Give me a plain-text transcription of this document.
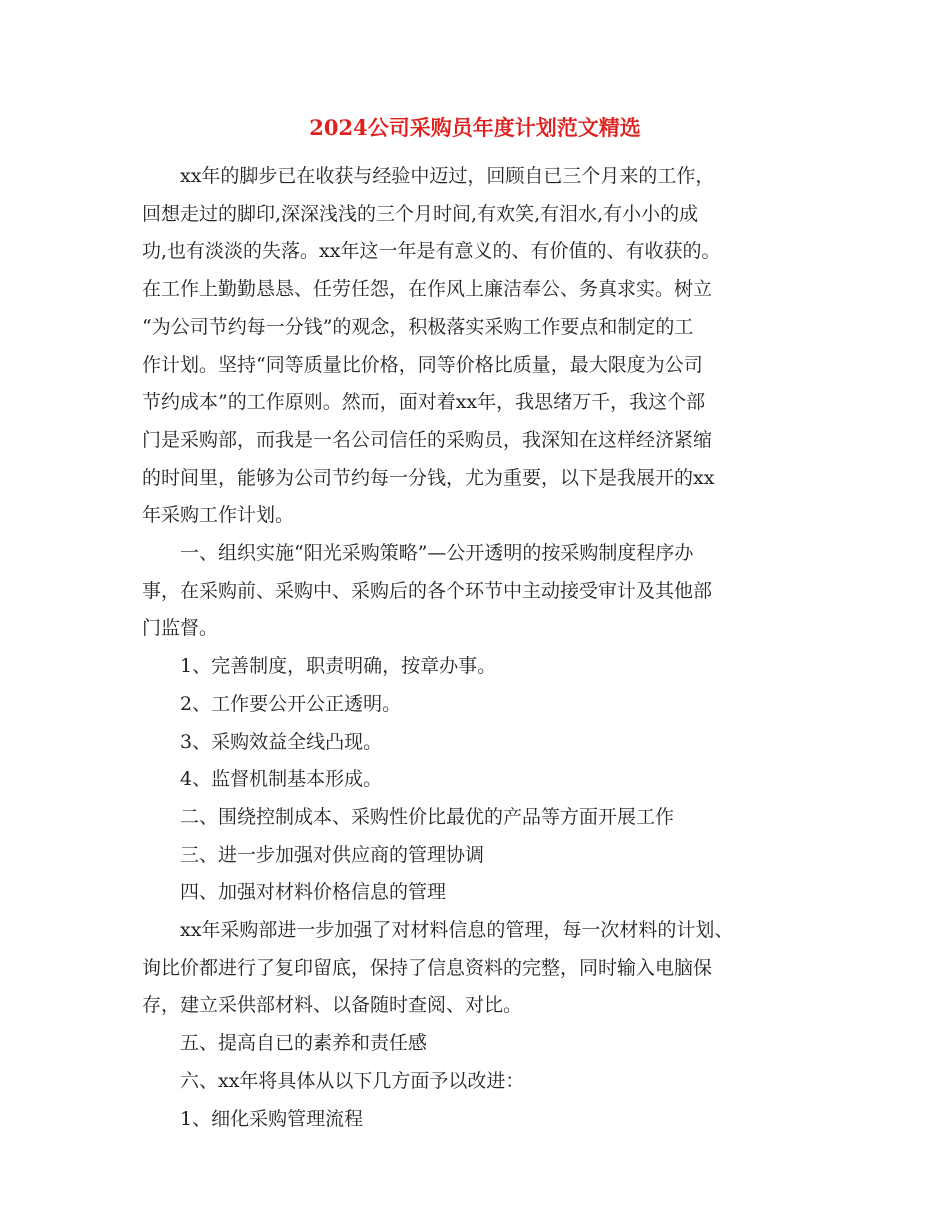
2024公司采购员年度计划范文精选

xx年的脚步已在收获与经验中迈过，回顾自已三个月来的工作，
回想走过的脚印,深深浅浅的三个月时间,有欢笑,有泪水,有小小的成
功,也有淡淡的失落。xx年这一年是有意义的、有价值的、有收获的。
在工作上勤勤恳恳、任劳任怨，在作风上廉洁奉公、务真求实。树立
“为公司节约每一分钱”的观念，积极落实采购工作要点和制定的工
作计划。坚持“同等质量比价格，同等价格比质量，最大限度为公司
节约成本”的工作原则。然而，面对着xx年，我思绪万千，我这个部
门是采购部，而我是一名公司信任的采购员，我深知在这样经济紧缩
的时间里，能够为公司节约每一分钱，尤为重要，以下是我展开的xx
年采购工作计划。

一、组织实施“阳光采购策略”—公开透明的按采购制度程序办
事，在采购前、采购中、采购后的各个环节中主动接受审计及其他部
门监督。

1、完善制度，职责明确，按章办事。

2、工作要公开公正透明。

3、采购效益全线凸现。

4、监督机制基本形成。

二、围绕控制成本、采购性价比最优的产品等方面开展工作

三、进一步加强对供应商的管理协调

四、加强对材料价格信息的管理

xx年采购部进一步加强了对材料信息的管理，每一次材料的计划、
询比价都进行了复印留底，保持了信息资料的完整，同时输入电脑保
存，建立采供部材料、以备随时查阅、对比。

五、提高自已的素养和责任感

六、xx年将具体从以下几方面予以改进：

1、细化采购管理流程
